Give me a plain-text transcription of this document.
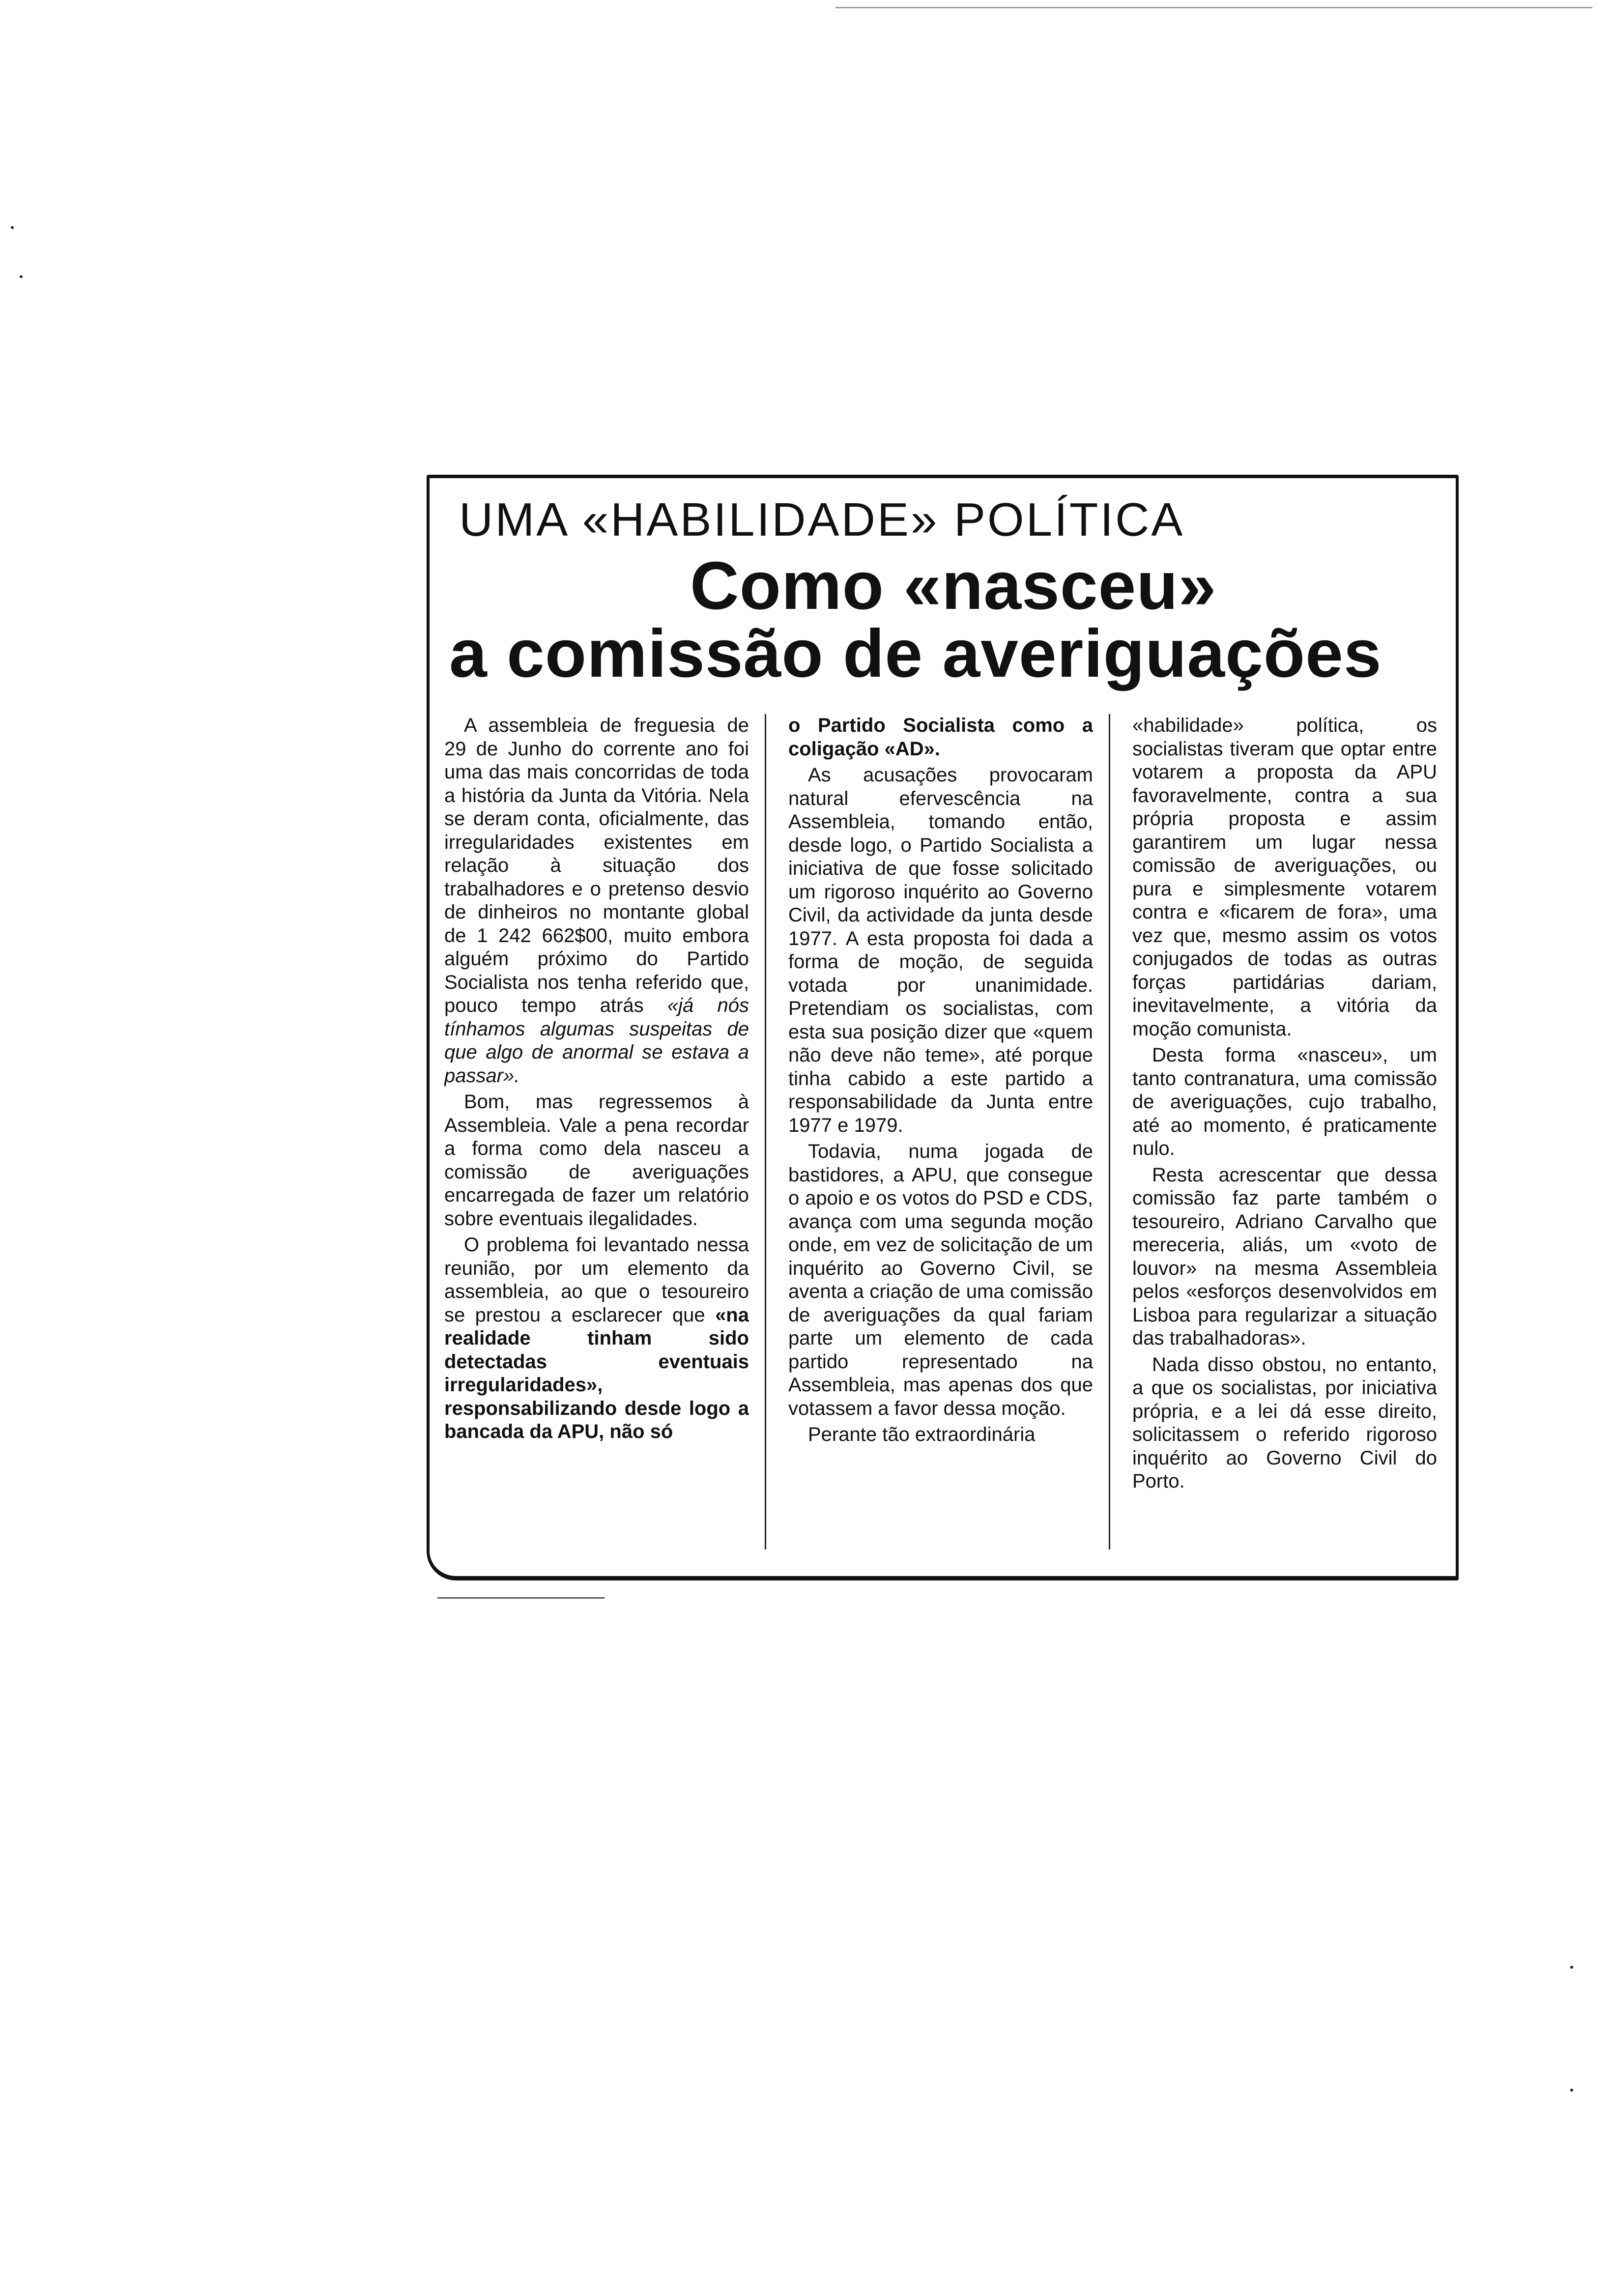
UMA «HABILIDADE» POLÍTICA
Como «nasceu»
a comissão de averiguações

A assembleia de freguesia de 29 de Junho do corrente ano foi uma das mais concorridas de toda a história da Junta da Vitória. Nela se deram conta, oficialmente, das irregularidades existentes em relação à situação dos trabalhadores e o pretenso desvio de dinheiros no montante global de 1 242 662$00, muito embora alguém próximo do Partido Socialista nos tenha referido que, pouco tempo atrás «já nós tínhamos algumas suspeitas de que algo de anormal se estava a passar».

Bom, mas regressemos à Assembleia. Vale a pena recordar a forma como dela nasceu a comissão de averiguações encarregada de fazer um relatório sobre eventuais ilegalidades.

O problema foi levantado nessa reunião, por um elemento da assembleia, ao que o tesoureiro se prestou a esclarecer que «na realidade tinham sido detectadas eventuais irregularidades», responsabilizando desde logo a bancada da APU, não só

o Partido Socialista como a coligação «AD».

As acusações provocaram natural efervescência na Assembleia, tomando então, desde logo, o Partido Socialista a iniciativa de que fosse solicitado um rigoroso inquérito ao Governo Civil, da actividade da junta desde 1977. A esta proposta foi dada a forma de moção, de seguida votada por unanimidade. Pretendiam os socialistas, com esta sua posição dizer que «quem não deve não teme», até porque tinha cabido a este partido a responsabilidade da Junta entre 1977 e 1979.

Todavia, numa jogada de bastidores, a APU, que consegue o apoio e os votos do PSD e CDS, avança com uma segunda moção onde, em vez de solicitação de um inquérito ao Governo Civil, se aventa a criação de uma comissão de averiguações da qual fariam parte um elemento de cada partido representado na Assembleia, mas apenas dos que votassem a favor dessa moção.

Perante tão extraordinária

«habilidade» política, os socialistas tiveram que optar entre votarem a proposta da APU favoravelmente, contra a sua própria proposta e assim garantirem um lugar nessa comissão de averiguações, ou pura e simplesmente votarem contra e «ficarem de fora», uma vez que, mesmo assim os votos conjugados de todas as outras forças partidárias dariam, inevitavelmente, a vitória da moção comunista.

Desta forma «nasceu», um tanto contranatura, uma comissão de averiguações, cujo trabalho, até ao momento, é praticamente nulo.

Resta acrescentar que dessa comissão faz parte também o tesoureiro, Adriano Carvalho que mereceria, aliás, um «voto de louvor» na mesma Assembleia pelos «esforços desenvolvidos em Lisboa para regularizar a situação das trabalhadoras».

Nada disso obstou, no entanto, a que os socialistas, por iniciativa própria, e a lei dá esse direito, solicitassem o referido rigoroso inquérito ao Governo Civil do Porto.
